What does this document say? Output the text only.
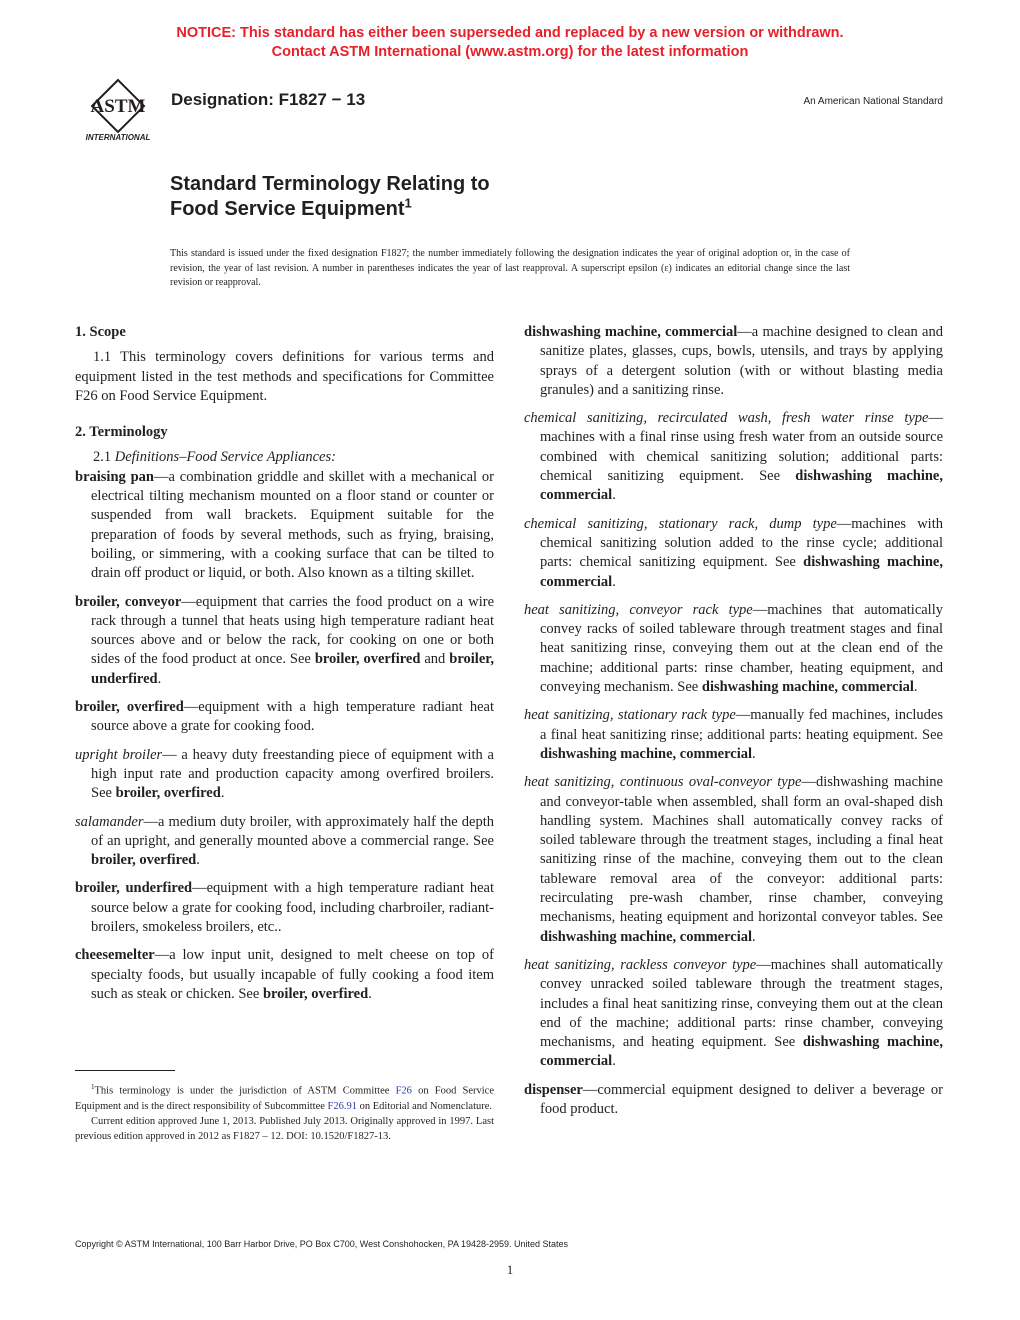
NOTICE: This standard has either been superseded and replaced by a new version or withdrawn.
Contact ASTM International (www.astm.org) for the latest information
ASTM
INTERNATIONAL
Designation: F1827 − 13	An American National Standard
Standard Terminology Relating to
Food Service Equipment$^1$
This standard is issued under the fixed designation F1827; the number immediately following the designation indicates the year of original adoption or, in the case of revision, the year of last revision. A number in parentheses indicates the year of last reapproval. A superscript epsilon (ε) indicates an editorial change since the last revision or reapproval.

1. Scope

1.1 This terminology covers definitions for various terms and equipment listed in the test methods and specifications for Committee F26 on Food Service Equipment.

2. Terminology

2.1 Definitions–Food Service Appliances:

braising pan—a combination griddle and skillet with a mechanical or electrical tilting mechanism mounted on a floor stand or counter or suspended from wall brackets. Equipment suitable for the preparation of foods by several methods, such as frying, braising, boiling, or simmering, with a cooking surface that can be tilted to drain off product or liquid, or both. Also known as a tilting skillet.

broiler, conveyor—equipment that carries the food product on a wire rack through a tunnel that heats using high temperature radiant heat sources above and or below the rack, for cooking on one or both sides of the food product at once. See broiler, overfired and broiler, underfired.

broiler, overfired—equipment with a high temperature radiant heat source above a grate for cooking food.

upright broiler— a heavy duty freestanding piece of equipment with a high input rate and production capacity among overfired broilers. See broiler, overfired.

salamander—a medium duty broiler, with approximately half the depth of an upright, and generally mounted above a commercial range. See broiler, overfired.

broiler, underfired—equipment with a high temperature radiant heat source below a grate for cooking food, including charbroiler, radiant-broilers, smokeless broilers, etc..

cheesemelter—a low input unit, designed to melt cheese on top of specialty foods, but usually incapable of fully cooking a food item such as steak or chicken. See broiler, overfired.

dishwashing machine, commercial—a machine designed to clean and sanitize plates, glasses, cups, bowls, utensils, and trays by applying sprays of a detergent solution (with or without blasting media granules) and a sanitizing rinse.

chemical sanitizing, recirculated wash, fresh water rinse type—machines with a final rinse using fresh water from an outside source combined with chemical sanitizing solution; additional parts: chemical sanitizing equipment. See dishwashing machine, commercial.

chemical sanitizing, stationary rack, dump type—machines with chemical sanitizing solution added to the rinse cycle; additional parts: chemical sanitizing equipment. See dishwashing machine, commercial.

heat sanitizing, conveyor rack type—machines that automatically convey racks of soiled tableware through treatment stages and final heat sanitizing rinse, conveying them out at the clean end of the machine; additional parts: rinse chamber, heating equipment, and conveying mechanism. See dishwashing machine, commercial.

heat sanitizing, stationary rack type—manually fed machines, includes a final heat sanitizing rinse; additional parts: heating equipment. See dishwashing machine, commercial.

heat sanitizing, continuous oval-conveyor type—dishwashing machine and conveyor-table when assembled, shall form an oval-shaped dish handling system. Machines shall automatically convey racks of soiled tableware through the treatment stages, including a final heat sanitizing rinse of the machine, conveying them out to the clean tableware removal area of the conveyor: additional parts: recirculating pre-wash chamber, rinse chamber, conveying mechanisms, heating equipment and horizontal conveyor tables. See dishwashing machine, commercial.

heat sanitizing, rackless conveyor type—machines shall automatically convey unracked soiled tableware through the treatment stages, includes a final heat sanitizing rinse, conveying them out at the clean end of the machine; additional parts: rinse chamber, conveying mechanisms, and heating equipment. See dishwashing machine, commercial.

dispenser—commercial equipment designed to deliver a beverage or food product.

$^1$This terminology is under the jurisdiction of ASTM Committee F26 on Food Service Equipment and is the direct responsibility of Subcommittee F26.91 on Editorial and Nomenclature.

Current edition approved June 1, 2013. Published July 2013. Originally approved in 1997. Last previous edition approved in 2012 as F1827 – 12. DOI: 10.1520/F1827-13.

Copyright © ASTM International, 100 Barr Harbor Drive, PO Box C700, West Conshohocken, PA 19428-2959. United States
1
